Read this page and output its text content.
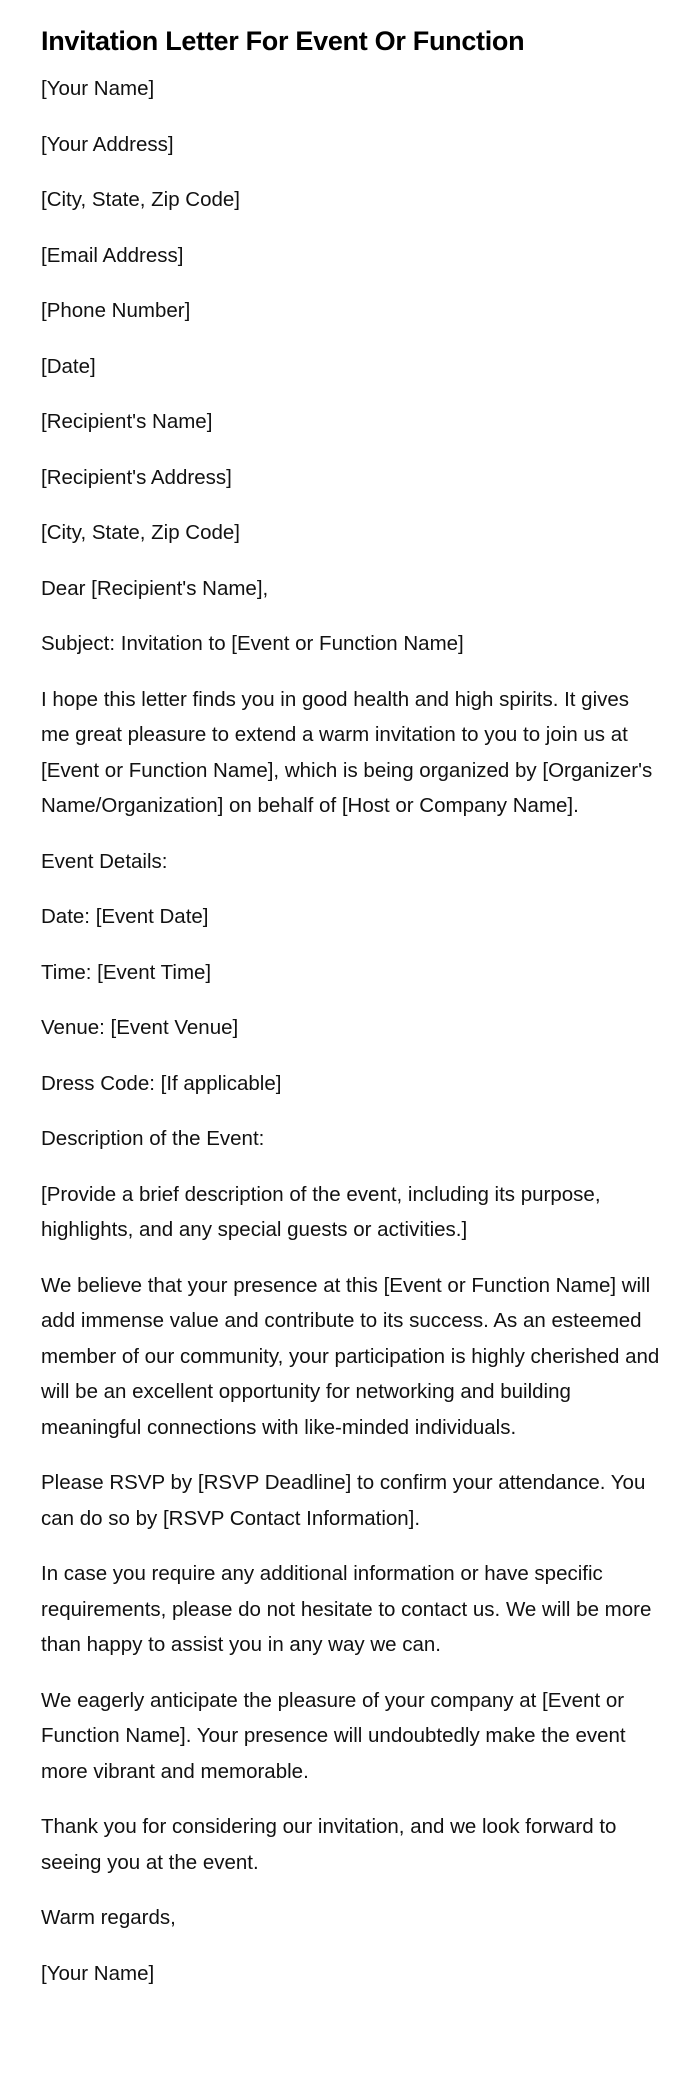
Invitation Letter For Event Or Function

[Your Name]

[Your Address]

[City, State, Zip Code]

[Email Address]

[Phone Number]

[Date]

[Recipient's Name]

[Recipient's Address]

[City, State, Zip Code]

Dear [Recipient's Name],

Subject: Invitation to [Event or Function Name]

I hope this letter finds you in good health and high spirits. It gives me great pleasure to extend a warm invitation to you to join us at [Event or Function Name], which is being organized by [Organizer's Name/Organization] on behalf of [Host or Company Name].

Event Details:

Date: [Event Date]

Time: [Event Time]

Venue: [Event Venue]

Dress Code: [If applicable]

Description of the Event:

[Provide a brief description of the event, including its purpose, highlights, and any special guests or activities.]

We believe that your presence at this [Event or Function Name] will add immense value and contribute to its success. As an esteemed member of our community, your participation is highly cherished and will be an excellent opportunity for networking and building meaningful connections with like-minded individuals.

Please RSVP by [RSVP Deadline] to confirm your attendance. You can do so by [RSVP Contact Information].

In case you require any additional information or have specific requirements, please do not hesitate to contact us. We will be more than happy to assist you in any way we can.

We eagerly anticipate the pleasure of your company at [Event or Function Name]. Your presence will undoubtedly make the event more vibrant and memorable.

Thank you for considering our invitation, and we look forward to seeing you at the event.

Warm regards,

[Your Name]
